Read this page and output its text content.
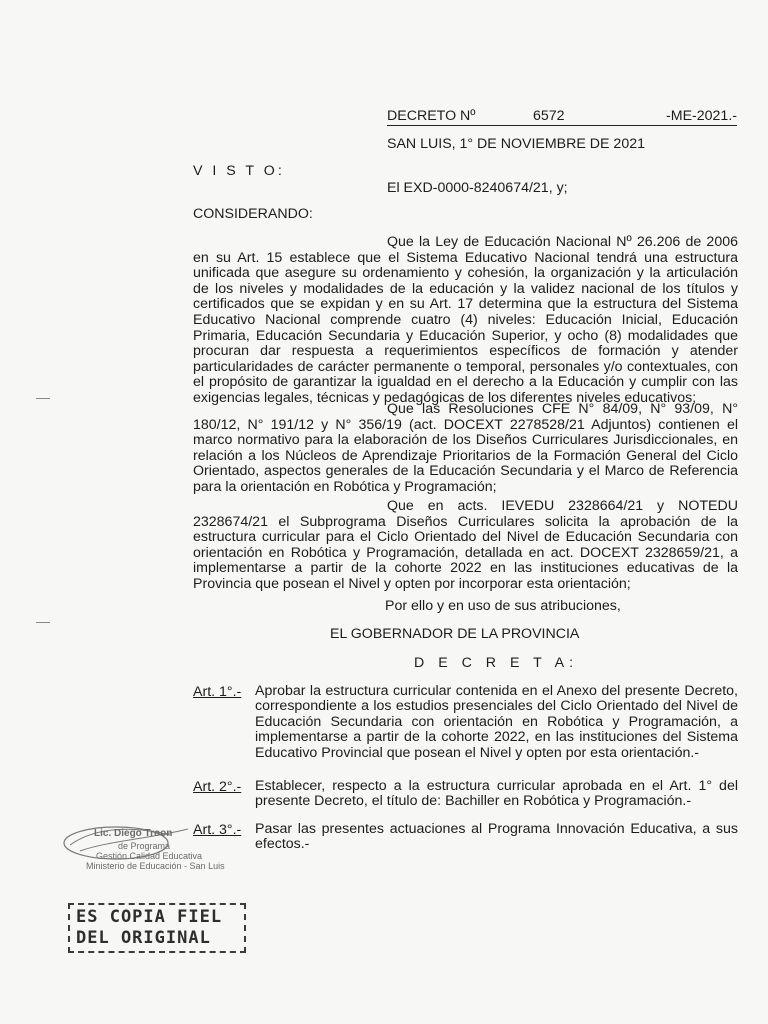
DECRETO Nº	6572	-ME-2021.-
SAN LUIS, 1° DE NOVIEMBRE DE 2021
V I S T O:
El EXD-0000-8240674/21, y;
CONSIDERANDO:
Que la Ley de Educación Nacional Nº 26.206 de 2006 en su Art. 15 establece que el Sistema Educativo Nacional tendrá una estructura unificada que asegure su ordenamiento y cohesión, la organización y la articulación de los niveles y modalidades de la educación y la validez nacional de los títulos y certificados que se expidan y en su Art. 17 determina que la estructura del Sistema Educativo Nacional comprende cuatro (4) niveles: Educación Inicial, Educación Primaria, Educación Secundaria y Educación Superior, y ocho (8) modalidades que procuran dar respuesta a requerimientos específicos de formación y atender particularidades de carácter permanente o temporal, personales y/o contextuales, con el propósito de garantizar la igualdad en el derecho a la Educación y cumplir con las exigencias legales, técnicas y pedagógicas de los diferentes niveles educativos;
Que las Resoluciones CFE N° 84/09, N° 93/09, N° 180/12, N° 191/12 y N° 356/19 (act. DOCEXT 2278528/21 Adjuntos) contienen el marco normativo para la elaboración de los Diseños Curriculares Jurisdiccionales, en relación a los Núcleos de Aprendizaje Prioritarios de la Formación General del Ciclo Orientado, aspectos generales de la Educación Secundaria y el Marco de Referencia para la orientación en Robótica y Programación;
Que en acts. IEVEDU 2328664/21 y NOTEDU 2328674/21 el Subprograma Diseños Curriculares solicita la aprobación de la estructura curricular para el Ciclo Orientado del Nivel de Educación Secundaria con orientación en Robótica y Programación, detallada en act. DOCEXT 2328659/21, a implementarse a partir de la cohorte 2022 en las instituciones educativas de la Provincia que posean el Nivel y opten por incorporar esta orientación;
Por ello y en uso de sus atribuciones,
EL GOBERNADOR DE LA PROVINCIA
D E C R E T A:
Art. 1°.- Aprobar la estructura curricular contenida en el Anexo del presente Decreto, correspondiente a los estudios presenciales del Ciclo Orientado del Nivel de Educación Secundaria con orientación en Robótica y Programación, a implementarse a partir de la cohorte 2022, en las instituciones del Sistema Educativo Provincial que posean el Nivel y opten por esta orientación.-
Art. 2°.- Establecer, respecto a la estructura curricular aprobada en el Art. 1° del presente Decreto, el título de: Bachiller en Robótica y Programación.-
Art. 3°.- Pasar las presentes actuaciones al Programa Innovación Educativa, a sus efectos.-
Lic. Diego Troon
de Programa
Gestión Calidad Educativa
Ministerio de Educación - San Luis
ES COPIA FIEL
DEL ORIGINAL
